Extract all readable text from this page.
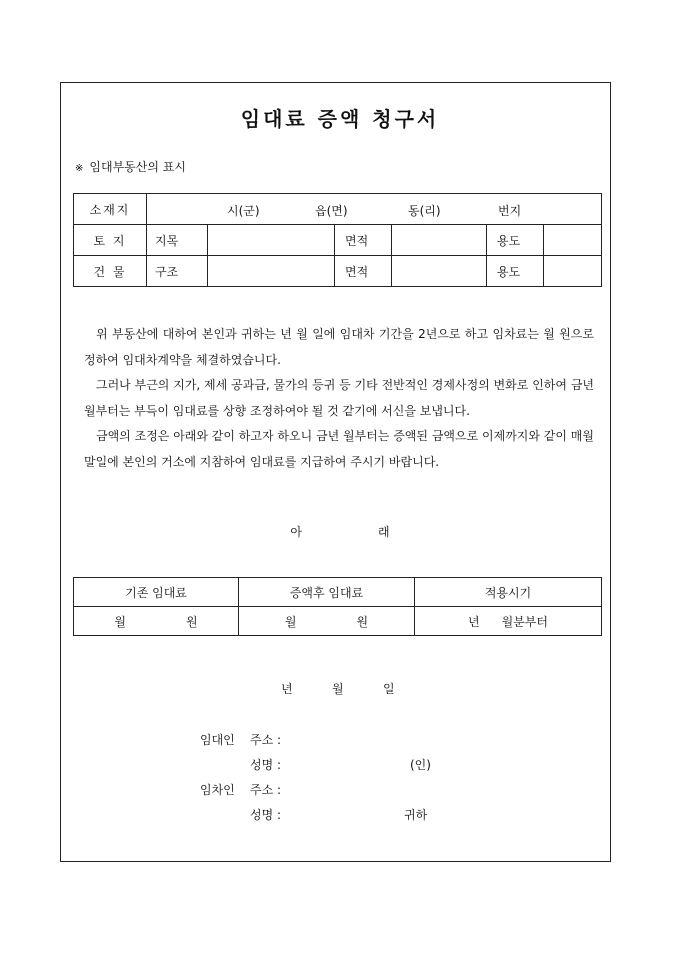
임대료 증액 청구서
※ 임대부동산의 표시
소재지	시(군) 읍(면) 동(리) 번지					

토 지	지목		면적		용도	
건 물	구조		면적		용도	

위 부동산에 대하여 본인과 귀하는 년 월 일에 임대차 기간을 2년으로 하고 임차료는 월 원으로 정하여 임대차계약을 체결하였습니다.

그러나 부근의 지가, 제세 공과금, 물가의 등귀 등 기타 전반적인 경제사정의 변화로 인하여 금년 월부터는 부득이 임대료를 상향 조정하여야 될 것 같기에 서신을 보냅니다.

금액의 조정은 아래와 같이 하고자 하오니 금년 월부터는 증액된 금액으로 이제까지와 같이 매월 말일에 본인의 거소에 지참하여 임대료를 지급하여 주시기 바랍니다.

아	래
기존 임대료	증액후 임대료	적용시기
월 원	월 원	년 월분부터
년	월	일
임대인 주소 :
성명 :	(인)
임차인 주소 :
성명 :	귀하
